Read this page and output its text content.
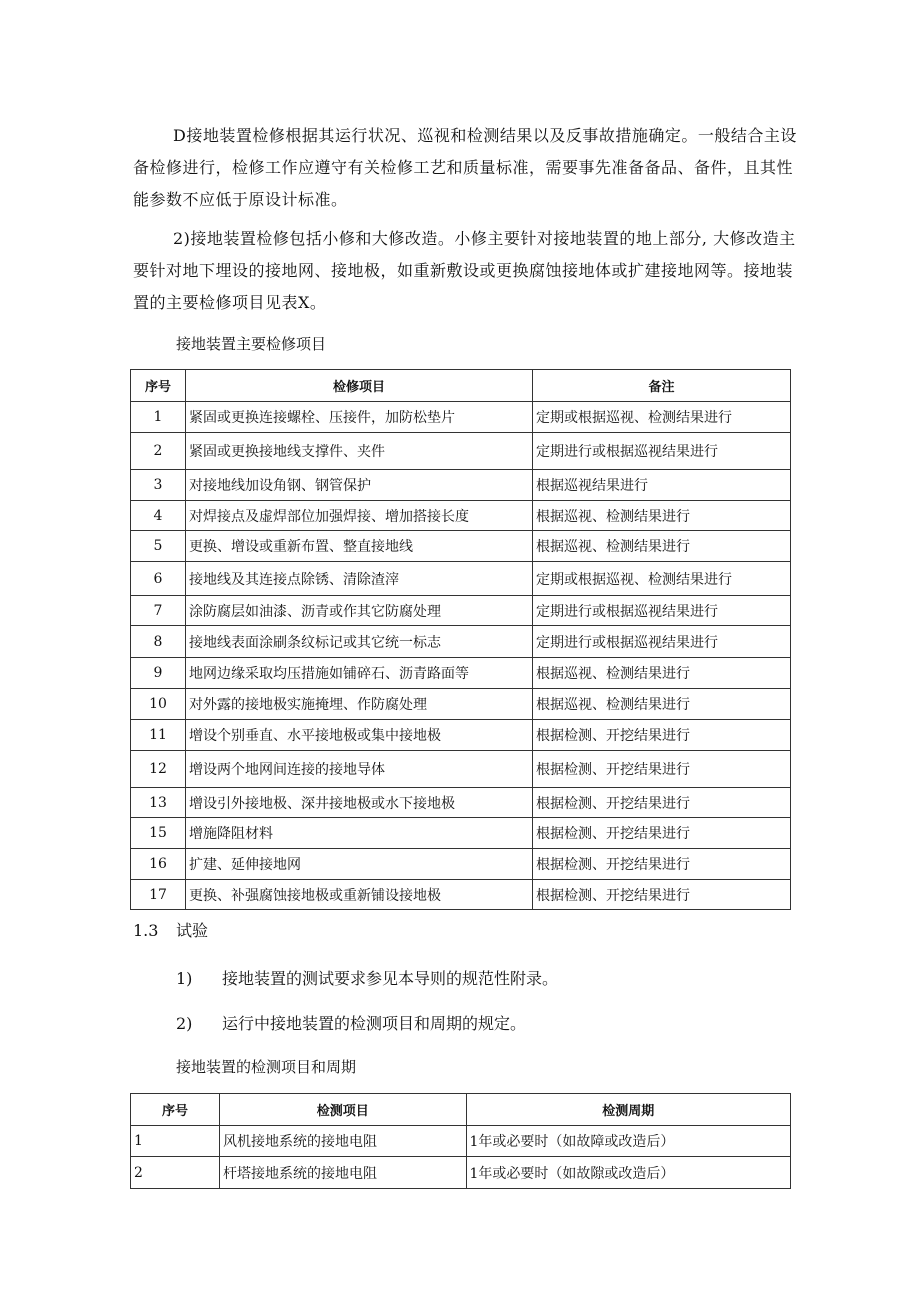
D接地装置检修根据其运行状况、巡视和检测结果以及反事故措施确定。一般结合主设备检修进行，检修工作应遵守有关检修工艺和质量标准，需要事先准备备品、备件，且其性能参数不应低于原设计标准。

2)接地装置检修包括小修和大修改造。小修主要针对接地装置的地上部分, 大修改造主要针对地下埋设的接地网、接地极，如重新敷设或更换腐蚀接地体或扩建接地网等。接地装置的主要检修项目见表X。

接地装置主要检修项目

序号	检修项目	备注
1	紧固或更换连接螺栓、压接件，加防松垫片	定期或根据巡视、检测结果进行
2	紧固或更换接地线支撑件、夹件	定期进行或根据巡视结果进行
3	对接地线加设角钢、钢管保护	根据巡视结果进行
4	对焊接点及虚焊部位加强焊接、增加搭接长度	根据巡视、检测结果进行
5	更换、增设或重新布置、整直接地线	根据巡视、检测结果进行
6	接地线及其连接点除锈、清除渣滓	定期或根据巡视、检测结果进行
7	涂防腐层如油漆、沥青或作其它防腐处理	定期进行或根据巡视结果进行
8	接地线表面涂刷条纹标记或其它统一标志	定期进行或根据巡视结果进行
9	地网边缘采取均压措施如铺碎石、沥青路面等	根据巡视、检测结果进行
10	对外露的接地极实施掩埋、作防腐处理	根据巡视、检测结果进行
11	增设个别垂直、水平接地极或集中接地极	根据检测、开挖结果进行
12	增设两个地网间连接的接地导体	根据检测、开挖结果进行
13	增设引外接地极、深井接地极或水下接地极	根据检测、开挖结果进行
15	增施降阻材料	根据检测、开挖结果进行
16	扩建、延伸接地网	根据检测、开挖结果进行
17	更换、补强腐蚀接地极或重新铺设接地极	根据检测、开挖结果进行

1.3 试验

1) 接地装置的测试要求参见本导则的规范性附录。

2) 运行中接地装置的检测项目和周期的规定。

接地装置的检测项目和周期

序号	检测项目	检测周期
1	风机接地系统的接地电阻	1年或必要时（如故障或改造后）
2	杆塔接地系统的接地电阻	1年或必要时（如故隙或改造后）
